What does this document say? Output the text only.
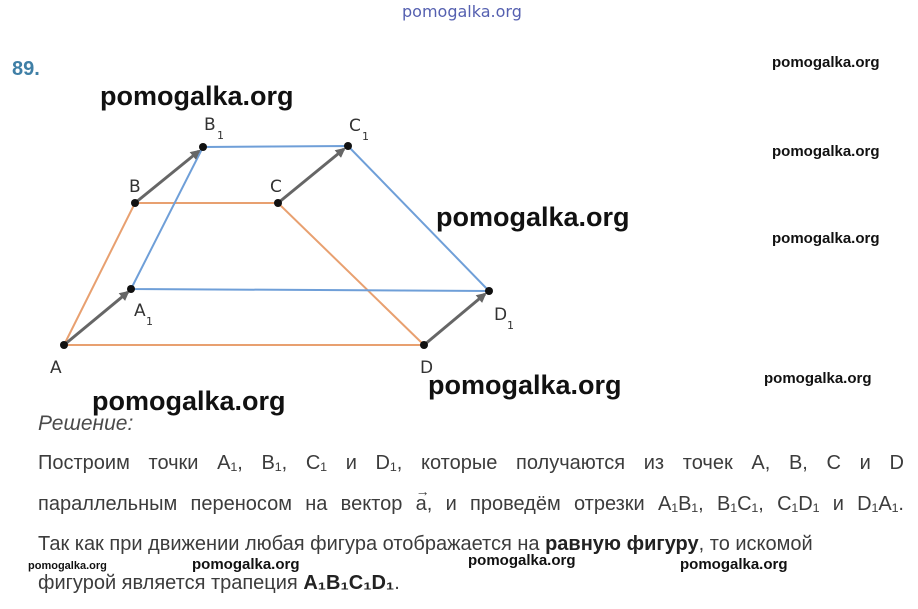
pomogalka.org
89.
A
B	C
D
A
1
B
1	C
1
D
1
pomogalka.org
pomogalka.org
pomogalka.org
pomogalka.org
pomogalka.org
pomogalka.org
pomogalka.org
pomogalka.org
pomogalka.org	pomogalka.org	pomogalka.org
pomogalka.org
Решение:
Построим точки A₁, B₁, C₁ и D₁, которые получаются из точек A, B, C и D
параллельным переносом на вектор
→
a, и проведём отрезки A₁B₁, B₁C₁, C₁D₁ и D₁A₁.
Так как при движении любая фигура отображается на равную фигуру, то искомой
фигурой является трапеция A₁B₁C₁D₁.
